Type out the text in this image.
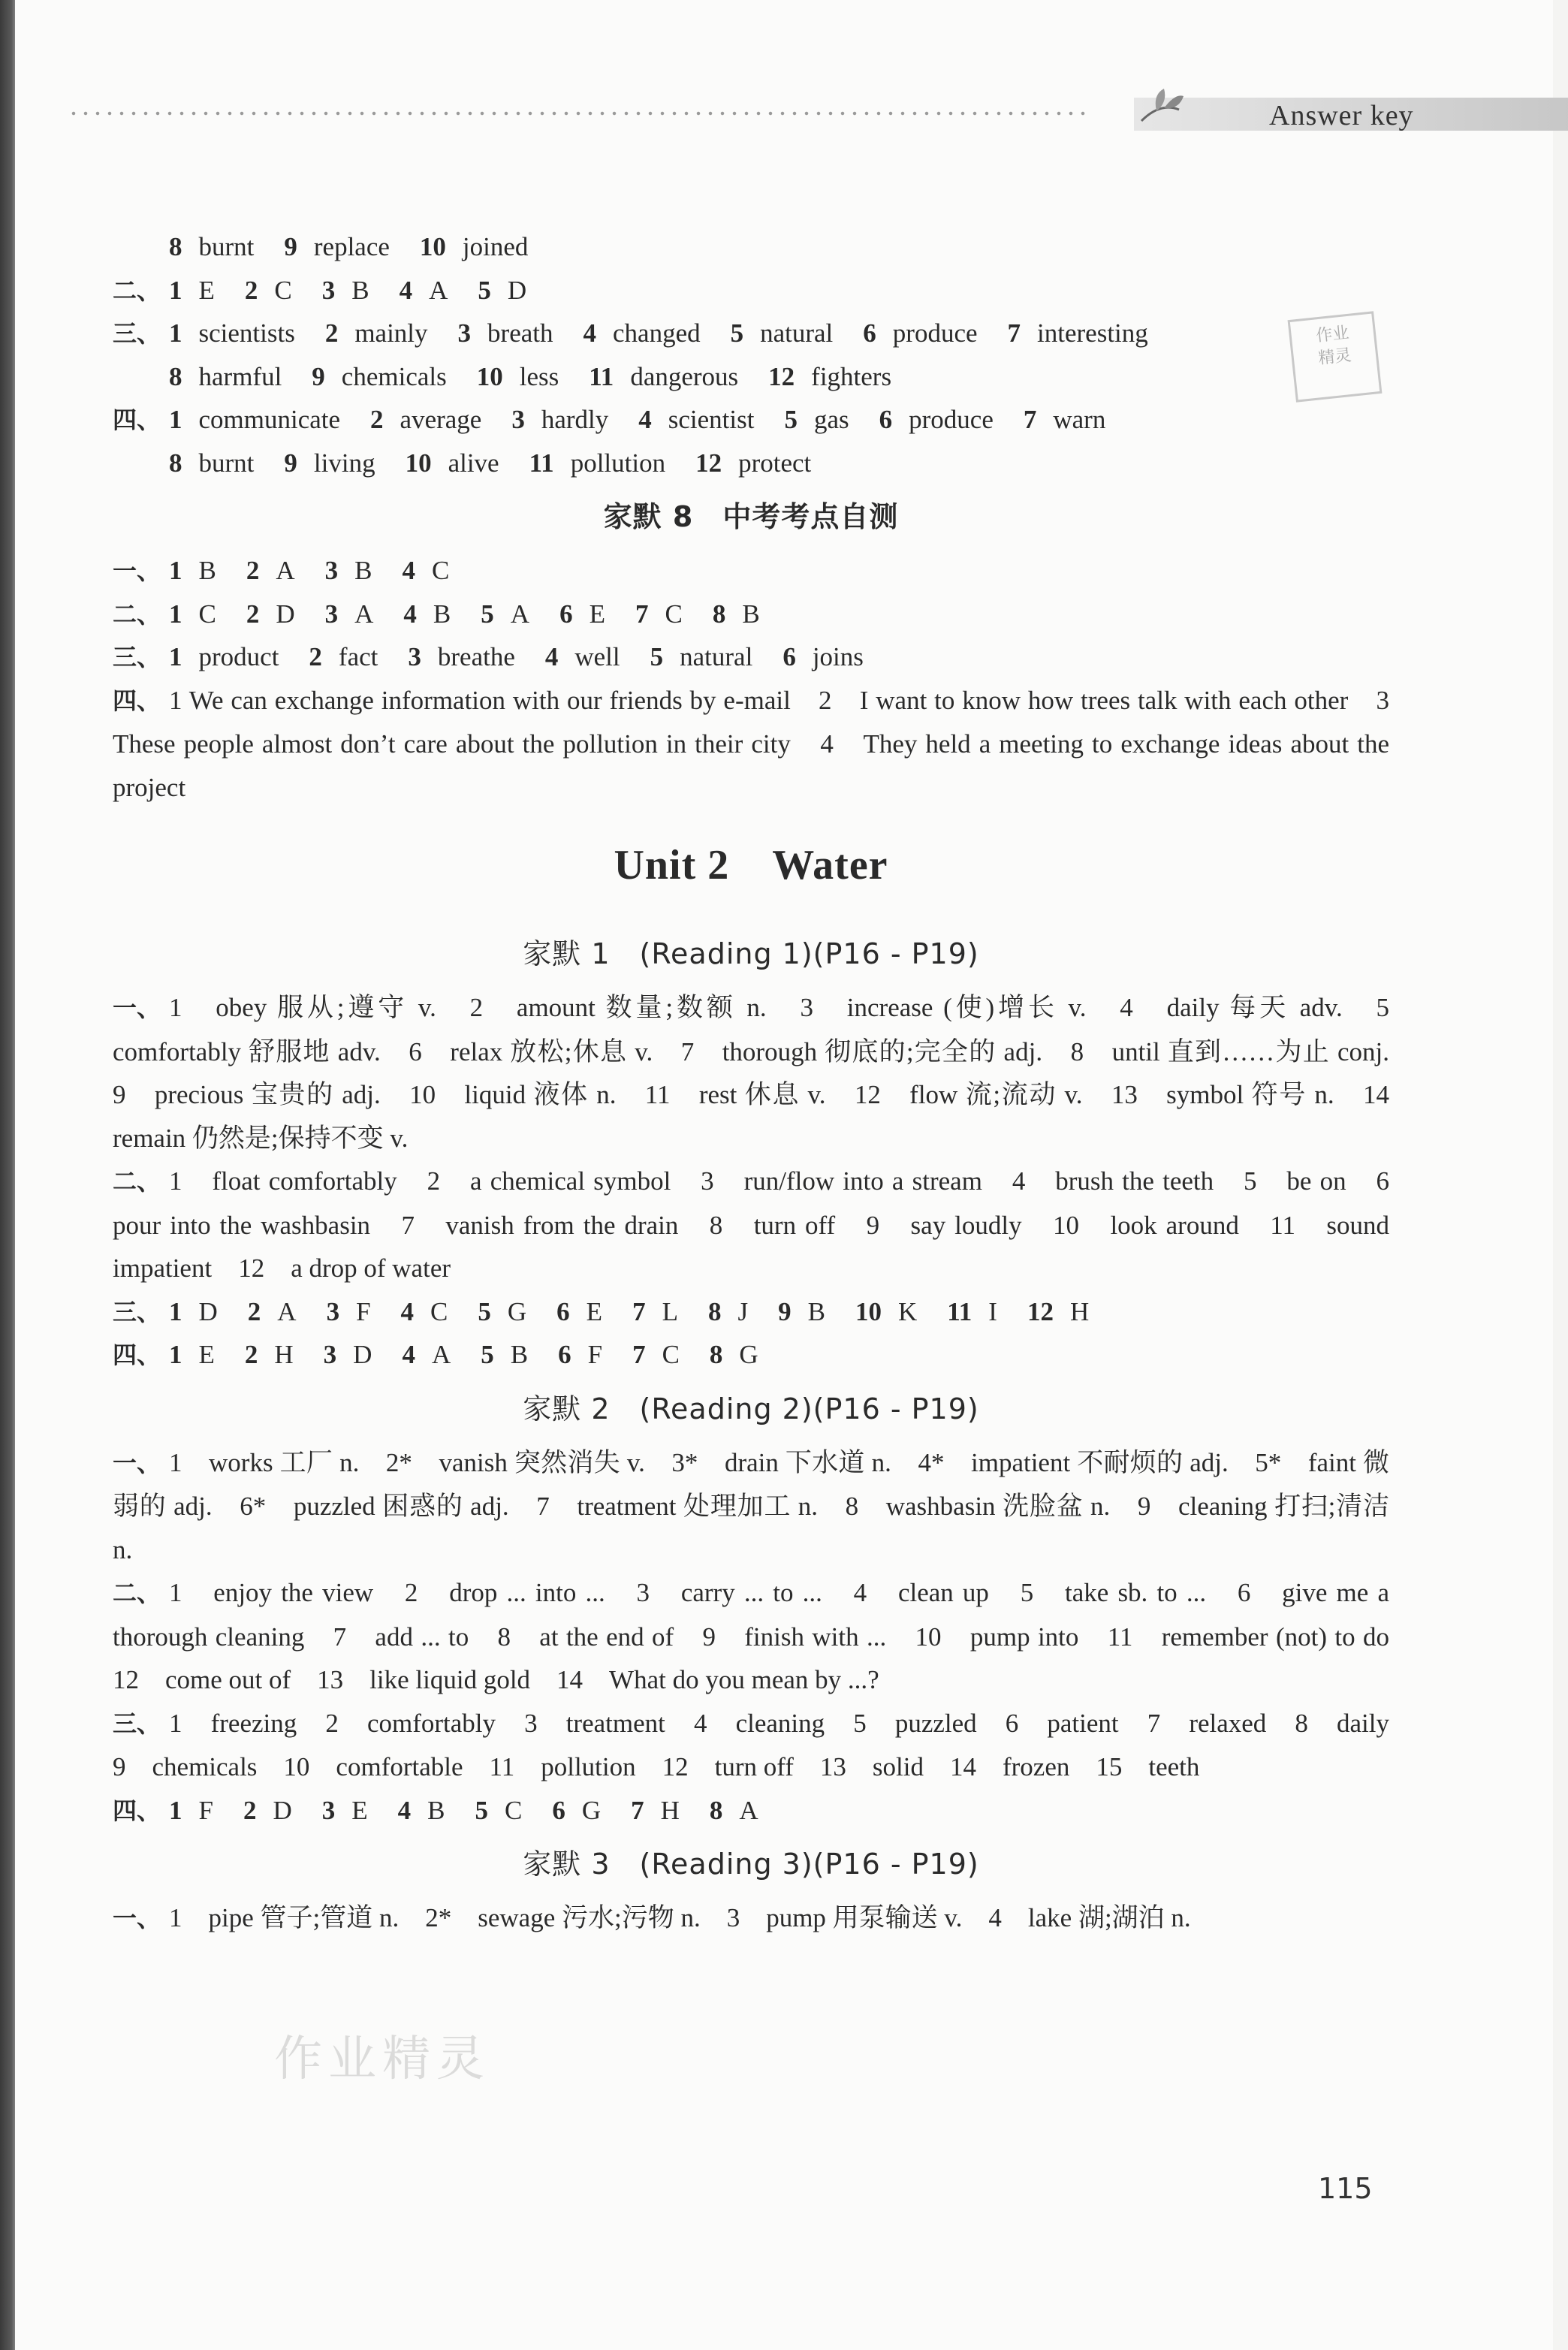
Answer key
作业
精灵
8 burnt 9 replace 10 joined
二、 1 E 2 C 3 B 4 A 5 D
三、 1 scientists 2 mainly 3 breath 4 changed 5 natural 6 produce 7 interesting
8 harmful 9 chemicals 10 less 11 dangerous 12 fighters
四、 1 communicate 2 average 3 hardly 4 scientist 5 gas 6 produce 7 warn
8 burnt 9 living 10 alive 11 pollution 12 protect
家默 8　中考考点自测
一、 1 B 2 A 3 B 4 C
二、 1 C 2 D 3 A 4 B 5 A 6 E 7 C 8 B
三、 1 product 2 fact 3 breathe 4 well 5 natural 6 joins
四、 1 We can exchange information with our friends by e-mail　2　I want to know how trees talk with each other　3　These people almost don’t care about the pollution in their city　4　They held a meeting to exchange ideas about the project
Unit 2　Water
家默 1　(Reading 1)(P16 - P19)
一、 1　obey 服从;遵守 v.　2　amount 数量;数额 n.　3　increase (使)增长 v.　4　daily 每天 adv.　5　comfortably 舒服地 adv.　6　relax 放松;休息 v.　7　thorough 彻底的;完全的 adj.　8　until 直到……为止 conj.　9　precious 宝贵的 adj.　10　liquid 液体 n.　11　rest 休息 v.　12　flow 流;流动 v.　13　symbol 符号 n.　14　remain 仍然是;保持不变 v.
二、 1　float comfortably　2　a chemical symbol　3　run/flow into a stream　4　brush the teeth　5　be on　6　pour into the washbasin　7　vanish from the drain　8　turn off　9　say loudly　10　look around　11　sound impatient　12　a drop of water
三、 1 D 2 A 3 F 4 C 5 G 6 E 7 L 8 J 9 B 10 K 11 I 12 H
四、 1 E 2 H 3 D 4 A 5 B 6 F 7 C 8 G
家默 2　(Reading 2)(P16 - P19)
一、 1　works 工厂 n.　2*　vanish 突然消失 v.　3*　drain 下水道 n.　4*　impatient 不耐烦的 adj.　5*　faint 微弱的 adj.　6*　puzzled 困惑的 adj.　7　treatment 处理加工 n.　8　washbasin 洗脸盆 n.　9　cleaning 打扫;清洁 n.
二、 1　enjoy the view　2　drop ... into ...　3　carry ... to ...　4　clean up　5　take sb. to ...　6　give me a thorough cleaning　7　add ... to　8　at the end of　9　finish with ...　10　pump into　11　remember (not) to do　12　come out of　13　like liquid gold　14　What do you mean by ...?
三、 1　freezing　2　comfortably　3　treatment　4　cleaning　5　puzzled　6　patient　7　relaxed　8　daily　9　chemicals　10　comfortable　11　pollution　12　turn off　13　solid　14　frozen　15　teeth
四、 1 F 2 D 3 E 4 B 5 C 6 G 7 H 8 A
家默 3　(Reading 3)(P16 - P19)
一、 1　pipe 管子;管道 n.　2*　sewage 污水;污物 n.　3　pump 用泵输送 v.　4　lake 湖;湖泊 n.
作业精灵
115
